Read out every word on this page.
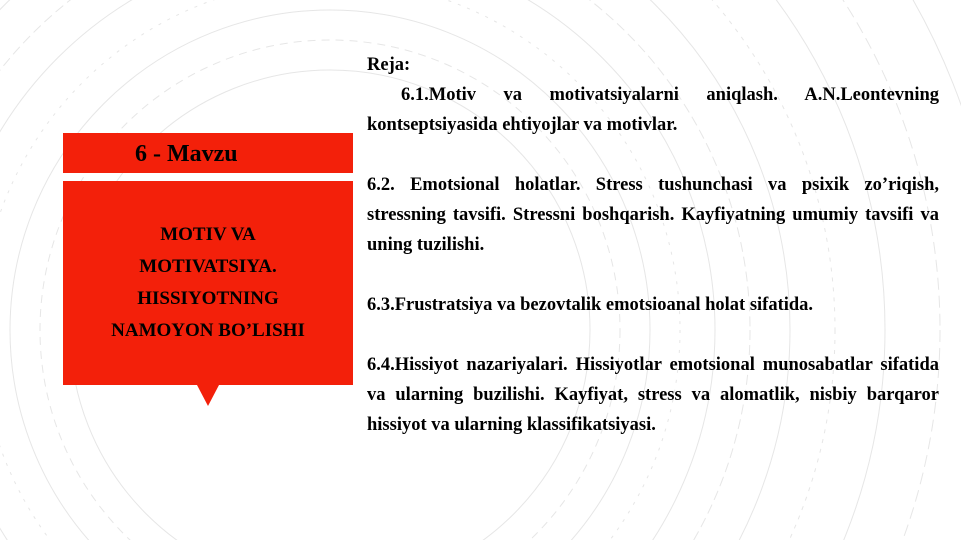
6 - Mavzu
MOTIV VA
MOTIVATSIYA.
HISSIYOTNING
NAMOYON BO’LISHI
Reja:

6.1.Motiv va motivatsiyalarni aniqlash. A.N.Leontevning kontseptsiyasida ehtiyojlar va motivlar.

6.2. Emotsional holatlar. Stress tushunchasi va psixik zo’riqish, stressning tavsifi. Stressni boshqarish. Kayfiyatning umumiy tavsifi va uning tuzilishi.

6.3.Frustratsiya va bezovtalik emotsioanal holat sifatida.

6.4.Hissiyot nazariyalari. Hissiyotlar emotsional munosabatlar sifatida va ularning buzilishi. Kayfiyat, stress va alomatlik, nisbiy barqaror hissiyot va ularning klassifikatsiyasi.
